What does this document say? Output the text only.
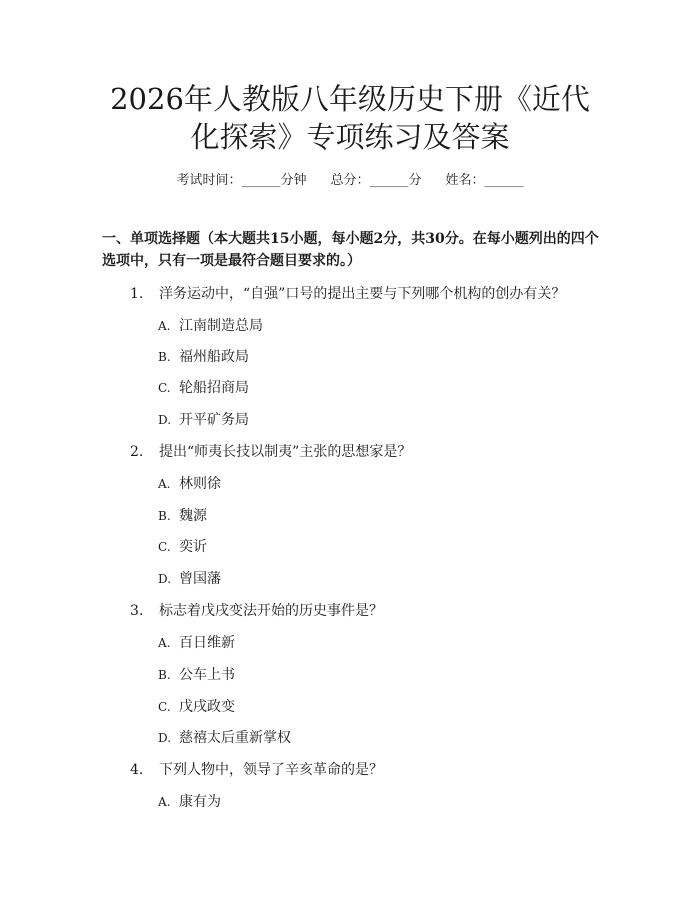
2026年人教版八年级历史下册《近代化探索》专项练习及答案
考试时间：______分钟 总分：______分 姓名：______
一、单项选择题（本大题共15小题，每小题2分，共30分。在每小题列出的四个选项中，只有一项是最符合题目要求的。）
1. 洋务运动中，“自强”口号的提出主要与下列哪个机构的创办有关？
A. 江南制造总局
B. 福州船政局
C. 轮船招商局
D. 开平矿务局
2. 提出“师夷长技以制夷”主张的思想家是？
A. 林则徐
B. 魏源
C. 奕䜣
D. 曾国藩
3. 标志着戊戌变法开始的历史事件是？
A. 百日维新
B. 公车上书
C. 戊戌政变
D. 慈禧太后重新掌权
4. 下列人物中，领导了辛亥革命的是？
A. 康有为
